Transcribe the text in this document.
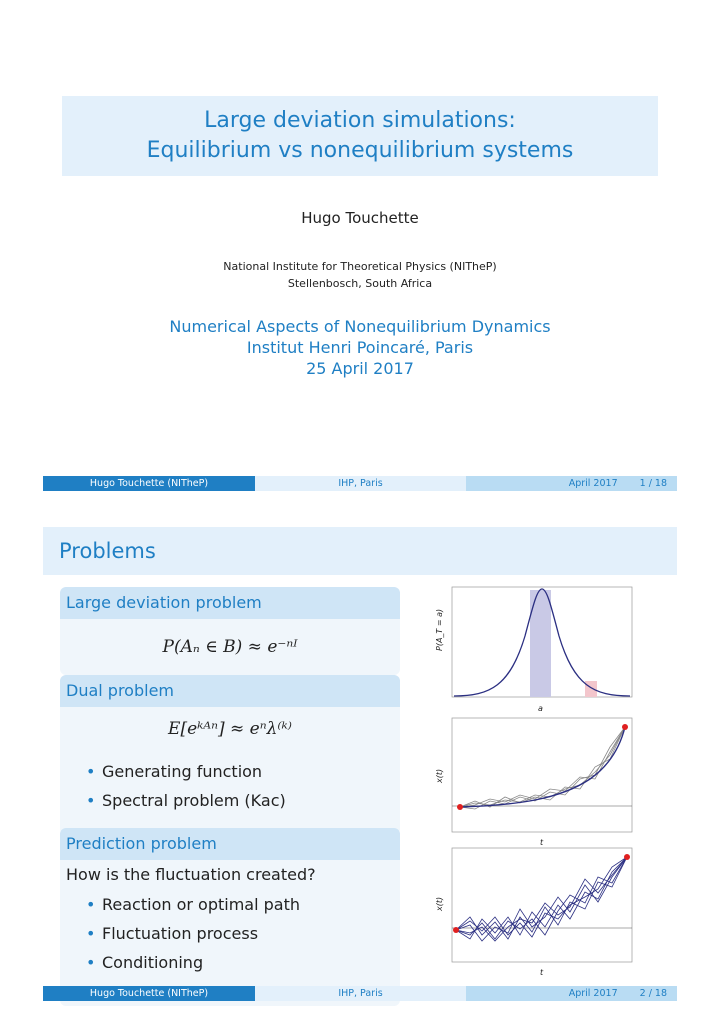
Large deviation simulations:
Equilibrium vs nonequilibrium systems
Hugo Touchette
National Institute for Theoretical Physics (NITheP)
Stellenbosch, South Africa
Numerical Aspects of Nonequilibrium Dynamics
Institut Henri Poincaré, Paris
25 April 2017
Hugo Touchette (NITheP)	IHP, Paris	April 2017 1 / 18
Problems
Large deviation problem
P(Aₙ ∈ B) ≈ e⁻ⁿᴵ
Dual problem
E[eᵏᴬⁿ] ≈ eⁿλ⁽ᵏ⁾
• Generating function
• Spectral problem (Kac)
Prediction problem
How is the fluctuation created?
• Reaction or optimal path
• Fluctuation process
• Conditioning
P(A_T = a)
a
x(t)
t
x(t)
t
Hugo Touchette (NITheP)	IHP, Paris	April 2017 2 / 18
